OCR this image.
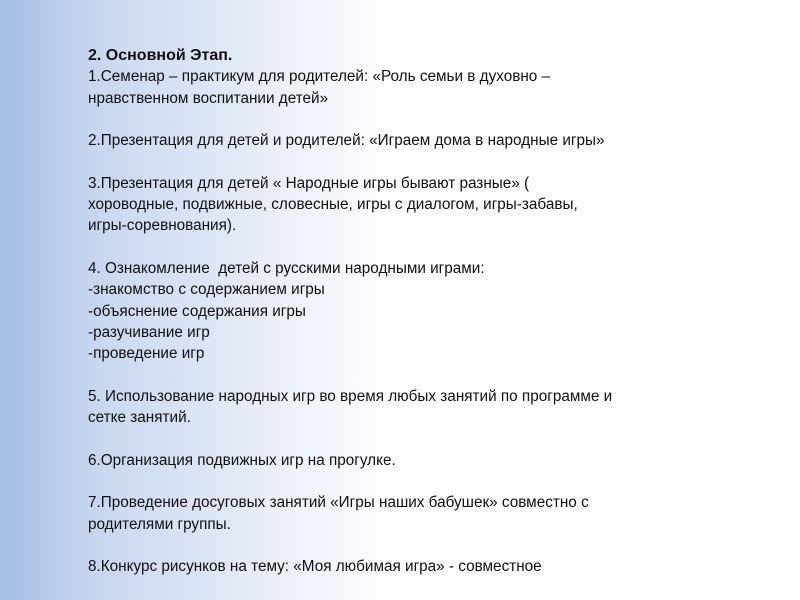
2. Основной Этап.

1.Семенар – практикум для родителей: «Роль семьи в духовно –
нравственном воспитании детей»
2.Презентация для детей и родителей: «Играем дома в народные игры»
3.Презентация для детей « Народные игры бывают разные» (
хороводные, подвижные, словесные, игры с диалогом, игры-забавы,
игры-соревнования).
4. Ознакомление  детей с русскими народными играми:
-знакомство с содержанием игры
-объяснение содержания игры
-разучивание игр
-проведение игр
5. Использование народных игр во время любых занятий по программе и
сетке занятий.
6.Организация подвижных игр на прогулке.
7.Проведение досуговых занятий «Игры наших бабушек» совместно с
родителями группы.
8.Конкурс рисунков на тему: «Моя любимая игра» - совместное
